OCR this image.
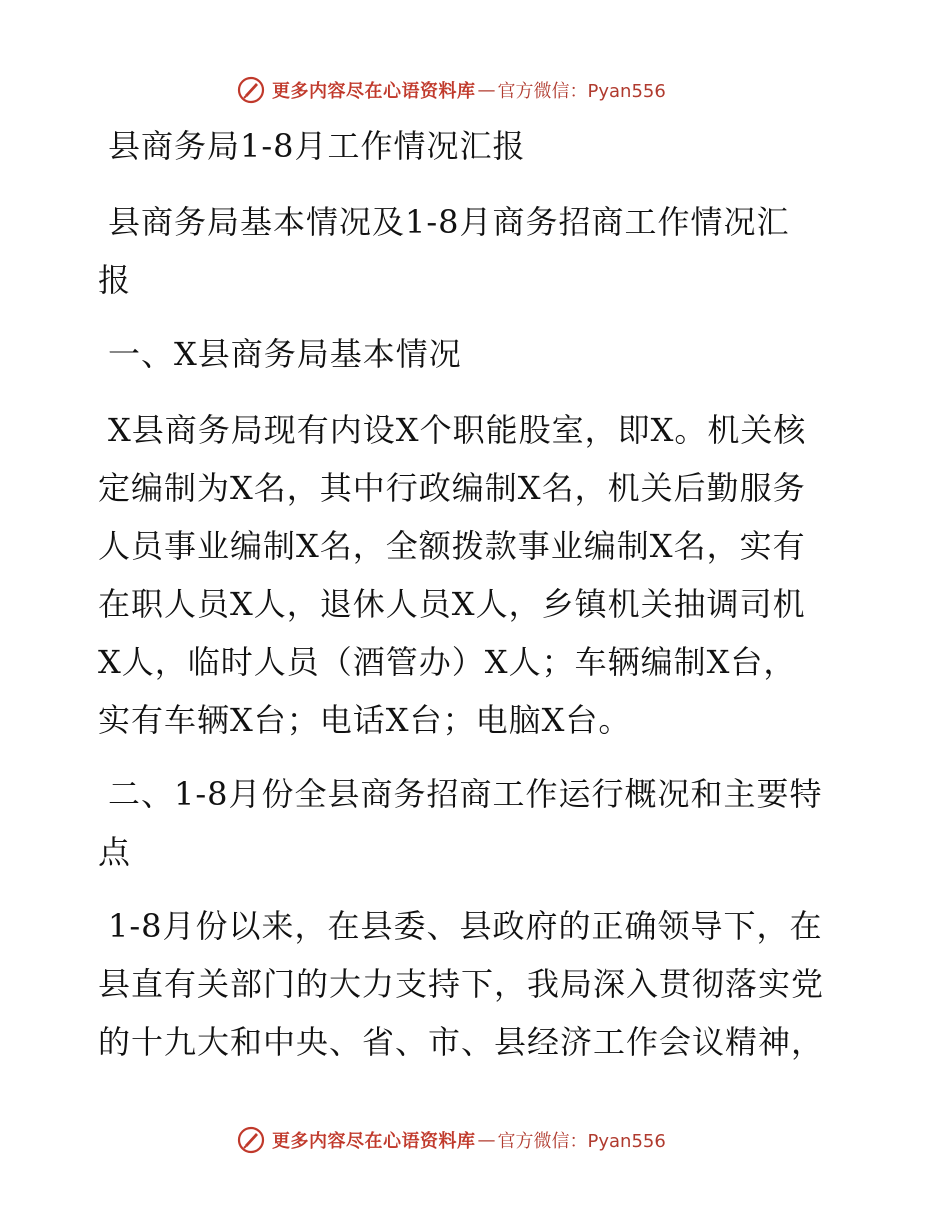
更多内容尽在心语资料库 — 官方微信：Pyan556
县商务局1-8月工作情况汇报
县商务局基本情况及1-8月商务招商工作情况汇
报
一、X县商务局基本情况
X县商务局现有内设X个职能股室，即X。机关核
定编制为X名，其中行政编制X名，机关后勤服务
人员事业编制X名，全额拨款事业编制X名，实有
在职人员X人，退休人员X人，乡镇机关抽调司机
X人，临时人员（酒管办）X人；车辆编制X台，
实有车辆X台；电话X台；电脑X台。
二、1-8月份全县商务招商工作运行概况和主要特
点
1-8月份以来，在县委、县政府的正确领导下，在
县直有关部门的大力支持下，我局深入贯彻落实党
的十九大和中央、省、市、县经济工作会议精神，
更多内容尽在心语资料库 — 官方微信：Pyan556
